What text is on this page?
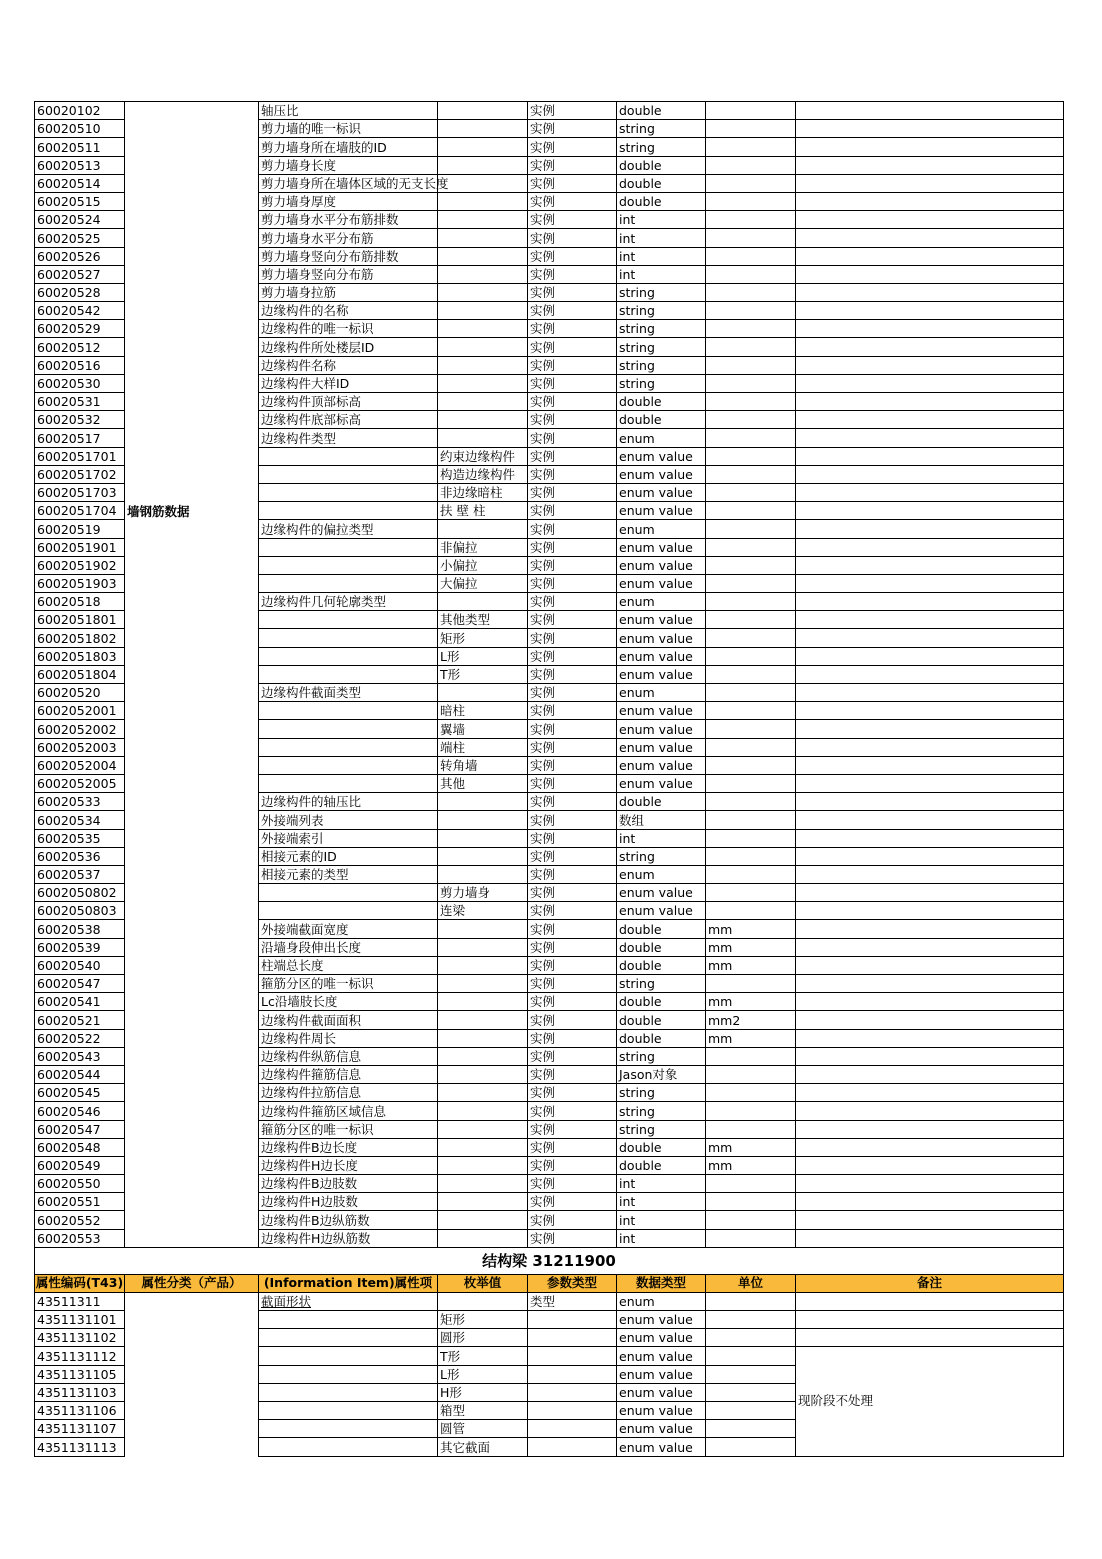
60020102		轴压比		实例	double		
60020510		剪力墙的唯一标识		实例	string		
60020511		剪力墙身所在墙肢的ID		实例	string		
60020513		剪力墙身长度		实例	double		
60020514		剪力墙身所在墙体区域的无支长度		实例	double		
60020515		剪力墙身厚度		实例	double		
60020524		剪力墙身水平分布筋排数		实例	int		
60020525		剪力墙身水平分布筋		实例	int		
60020526		剪力墙身竖向分布筋排数		实例	int		
60020527		剪力墙身竖向分布筋		实例	int		
60020528		剪力墙身拉筋		实例	string		
60020542		边缘构件的名称		实例	string		
60020529		边缘构件的唯一标识		实例	string		
60020512		边缘构件所处楼层ID		实例	string		
60020516		边缘构件名称		实例	string		
60020530		边缘构件大样ID		实例	string		
60020531		边缘构件顶部标高		实例	double		
60020532		边缘构件底部标高		实例	double		
60020517		边缘构件类型		实例	enum		
6002051701			约束边缘构件	实例	enum value		
6002051702			构造边缘构件	实例	enum value		
6002051703			非边缘暗柱	实例	enum value		
6002051704	墙钢筋数据		扶 壁 柱	实例	enum value		
60020519		边缘构件的偏拉类型		实例	enum		
6002051901			非偏拉	实例	enum value		
6002051902			小偏拉	实例	enum value		
6002051903			大偏拉	实例	enum value		
60020518		边缘构件几何轮廓类型		实例	enum		
6002051801			其他类型	实例	enum value		
6002051802			矩形	实例	enum value		
6002051803			L形	实例	enum value		
6002051804			T形	实例	enum value		
60020520		边缘构件截面类型		实例	enum		
6002052001			暗柱	实例	enum value		
6002052002			翼墙	实例	enum value		
6002052003			端柱	实例	enum value		
6002052004			转角墙	实例	enum value		
6002052005			其他	实例	enum value		
60020533		边缘构件的轴压比		实例	double		
60020534		外接端列表		实例	数组		
60020535		外接端索引		实例	int		
60020536		相接元素的ID		实例	string		
60020537		相接元素的类型		实例	enum		
6002050802			剪力墙身	实例	enum value		
6002050803			连梁	实例	enum value		
60020538		外接端截面宽度		实例	double	mm	
60020539		沿墙身段伸出长度		实例	double	mm	
60020540		柱端总长度		实例	double	mm	
60020547		箍筋分区的唯一标识		实例	string		
60020541		Lc沿墙肢长度		实例	double	mm	
60020521		边缘构件截面面积		实例	double	mm2	
60020522		边缘构件周长		实例	double	mm	
60020543		边缘构件纵筋信息		实例	string		
60020544		边缘构件箍筋信息		实例	Jason对象		
60020545		边缘构件拉筋信息		实例	string		
60020546		边缘构件箍筋区域信息		实例	string		
60020547		箍筋分区的唯一标识		实例	string		
60020548		边缘构件B边长度		实例	double	mm	
60020549		边缘构件H边长度		实例	double	mm	
60020550		边缘构件B边肢数		实例	int		
60020551		边缘构件H边肢数		实例	int		
60020552		边缘构件B边纵筋数		实例	int		
60020553		边缘构件H边纵筋数		实例	int		
结构梁 31211900							
属性编码(T43)	属性分类（产品）	(Information Item)属性项	枚举值	参数类型	数据类型	单位	备注
43511311		截面形状		类型	enum		
4351131101			矩形		enum value		
4351131102			圆形		enum value		
4351131112			T形		enum value		现阶段不处理
4351131105			L形		enum value		
4351131103			H形		enum value		
4351131106			箱型		enum value		
4351131107			圆管		enum value		
4351131113			其它截面		enum value		
